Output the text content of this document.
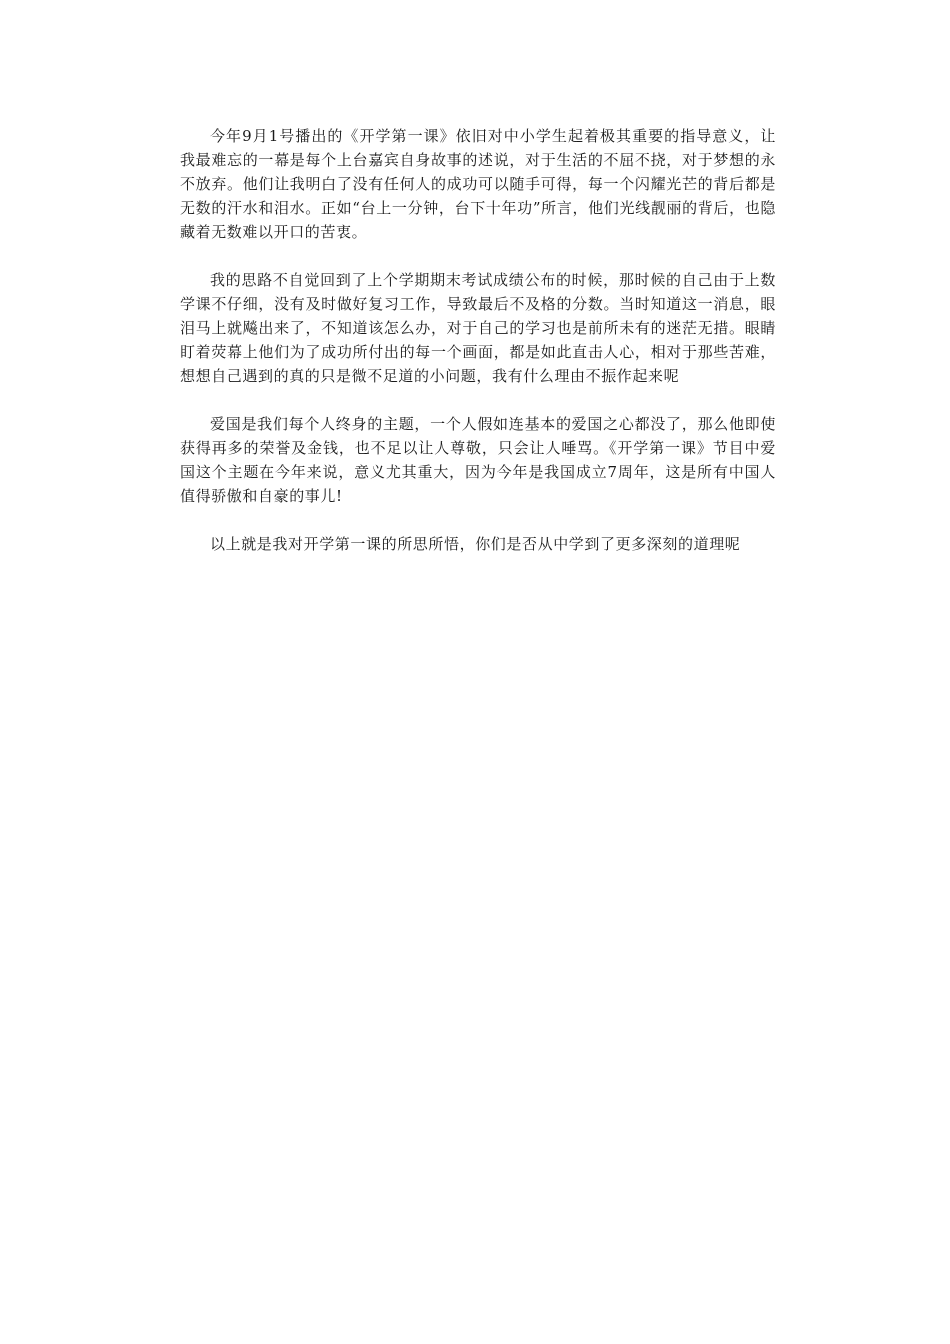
今年9月1号播出的《开学第一课》依旧对中小学生起着极其重要的指导意义，让我最难忘的一幕是每个上台嘉宾自身故事的述说，对于生活的不屈不挠，对于梦想的永不放弃。他们让我明白了没有任何人的成功可以随手可得，每一个闪耀光芒的背后都是无数的汗水和泪水。正如“台上一分钟，台下十年功”所言，他们光线靓丽的背后，也隐藏着无数难以开口的苦衷。

我的思路不自觉回到了上个学期期末考试成绩公布的时候，那时候的自己由于上数学课不仔细，没有及时做好复习工作，导致最后不及格的分数。当时知道这一消息，眼泪马上就飚出来了，不知道该怎么办，对于自己的学习也是前所未有的迷茫无措。眼睛盯着荧幕上他们为了成功所付出的每一个画面，都是如此直击人心，相对于那些苦难，想想自己遇到的真的只是微不足道的小问题，我有什么理由不振作起来呢

爱国是我们每个人终身的主题，一个人假如连基本的爱国之心都没了，那么他即使获得再多的荣誉及金钱，也不足以让人尊敬，只会让人唾骂。《开学第一课》节目中爱国这个主题在今年来说，意义尤其重大，因为今年是我国成立7周年，这是所有中国人值得骄傲和自豪的事儿!

以上就是我对开学第一课的所思所悟，你们是否从中学到了更多深刻的道理呢
